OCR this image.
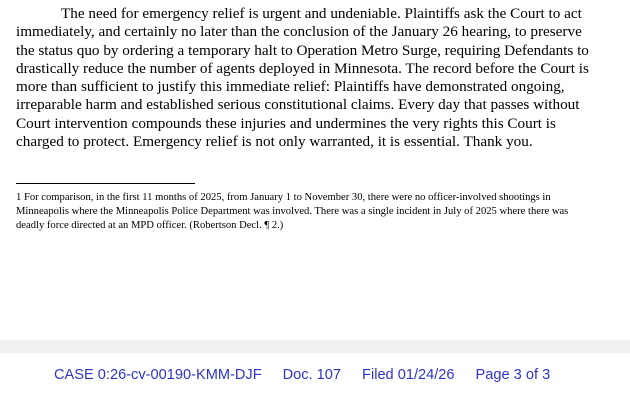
The need for emergency relief is urgent and undeniable. Plaintiffs ask the Court to act immediately, and certainly no later than the conclusion of the January 26 hearing, to preserve the status quo by ordering a temporary halt to Operation Metro Surge, requiring Defendants to drastically reduce the number of agents deployed in Minnesota. The record before the Court is more than sufficient to justify this immediate relief: Plaintiffs have demonstrated ongoing, irreparable harm and established serious constitutional claims. Every day that passes without Court intervention compounds these injuries and undermines the very rights this Court is charged to protect. Emergency relief is not only warranted, it is essential. Thank you.

1 For comparison, in the first 11 months of 2025, from January 1 to November 30, there were no officer-involved shootings in Minneapolis where the Minneapolis Police Department was involved. There was a single incident in July of 2025 where there was deadly force directed at an MPD officer. (Robertson Decl. ¶ 2.)

CASE 0:26-cv-00190-KMM-DJF Doc. 107 Filed 01/24/26 Page 3 of 3
